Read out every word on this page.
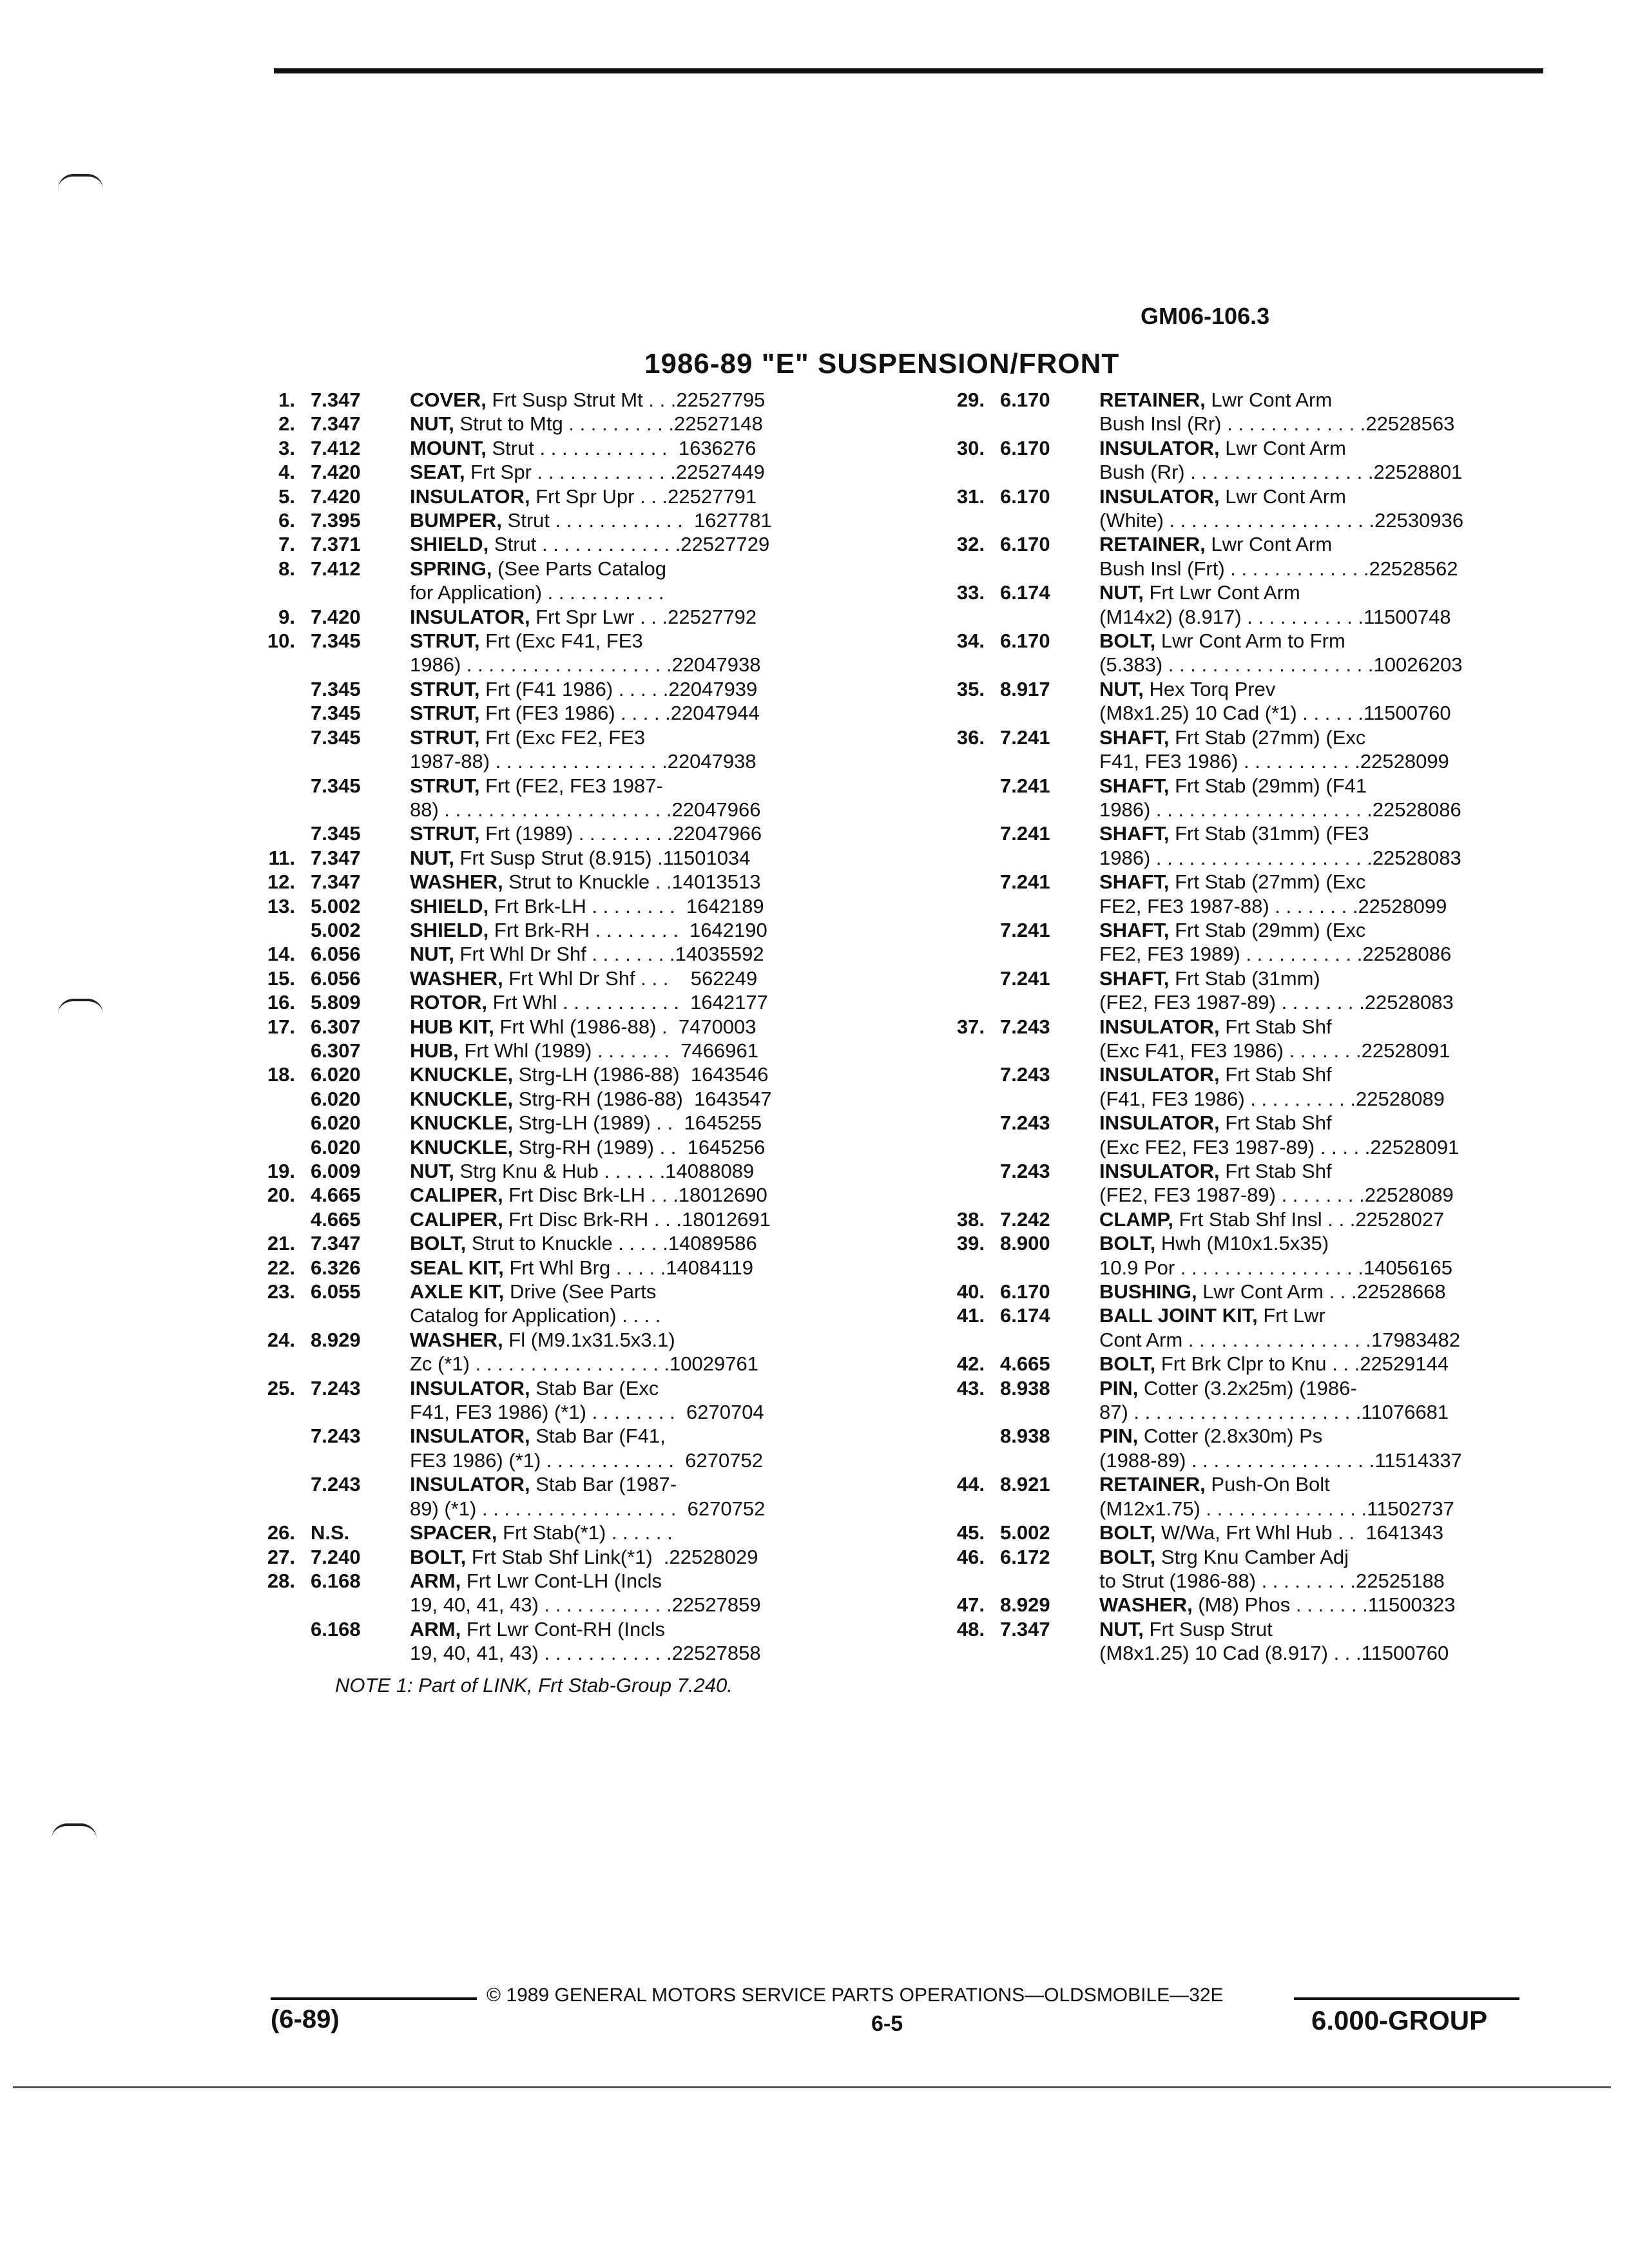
GM06-106.3
1986-89 "E" SUSPENSION/FRONT
1. 7.347	COVER, Frt Susp Strut Mt . . .22527795
2. 7.347	NUT, Strut to Mtg . . . . . . . . . .22527148
3. 7.412	MOUNT, Strut . . . . . . . . . . . .  1636276
4. 7.420	SEAT, Frt Spr . . . . . . . . . . . . .22527449
5. 7.420	INSULATOR, Frt Spr Upr . . .22527791
6. 7.395	BUMPER, Strut . . . . . . . . . . . .  1627781
7. 7.371	SHIELD, Strut . . . . . . . . . . . . .22527729
8. 7.412	SPRING, (See Parts Catalog
for Application) . . . . . . . . . . .
9. 7.420	INSULATOR, Frt Spr Lwr . . .22527792
10. 7.345	STRUT, Frt (Exc F41, FE3
1986) . . . . . . . . . . . . . . . . . . .22047938
7.345	STRUT, Frt (F41 1986) . . . . .22047939
7.345	STRUT, Frt (FE3 1986) . . . . .22047944
7.345	STRUT, Frt (Exc FE2, FE3
1987-88) . . . . . . . . . . . . . . . .22047938
7.345	STRUT, Frt (FE2, FE3 1987-
88) . . . . . . . . . . . . . . . . . . . . .22047966
7.345	STRUT, Frt (1989) . . . . . . . . .22047966
11. 7.347	NUT, Frt Susp Strut (8.915) .11501034
12. 7.347	WASHER, Strut to Knuckle . .14013513
13. 5.002	SHIELD, Frt Brk-LH . . . . . . . .  1642189
5.002	SHIELD, Frt Brk-RH . . . . . . . .  1642190
14. 6.056	NUT, Frt Whl Dr Shf . . . . . . . .14035592
15. 6.056	WASHER, Frt Whl Dr Shf . . .    562249
16. 5.809	ROTOR, Frt Whl . . . . . . . . . . .  1642177
17. 6.307	HUB KIT, Frt Whl (1986-88) .  7470003
6.307	HUB, Frt Whl (1989) . . . . . . .  7466961
18. 6.020	KNUCKLE, Strg-LH (1986-88)  1643546
6.020	KNUCKLE, Strg-RH (1986-88)  1643547
6.020	KNUCKLE, Strg-LH (1989) . .  1645255
6.020	KNUCKLE, Strg-RH (1989) . .  1645256
19. 6.009	NUT, Strg Knu & Hub . . . . . .14088089
20. 4.665	CALIPER, Frt Disc Brk-LH . . .18012690
4.665	CALIPER, Frt Disc Brk-RH . . .18012691
21. 7.347	BOLT, Strut to Knuckle . . . . .14089586
22. 6.326	SEAL KIT, Frt Whl Brg . . . . .14084119
23. 6.055	AXLE KIT, Drive (See Parts
Catalog for Application) . . . .
24. 8.929	WASHER, Fl (M9.1x31.5x3.1)
Zc (*1) . . . . . . . . . . . . . . . . . .10029761
25. 7.243	INSULATOR, Stab Bar (Exc
F41, FE3 1986) (*1) . . . . . . . .  6270704
7.243	INSULATOR, Stab Bar (F41,
FE3 1986) (*1) . . . . . . . . . . . .  6270752
7.243	INSULATOR, Stab Bar (1987-
89) (*1) . . . . . . . . . . . . . . . . . .  6270752
26. N.S.	SPACER, Frt Stab(*1) . . . . . .
27. 7.240	BOLT, Frt Stab Shf Link(*1)  .22528029
28. 6.168	ARM, Frt Lwr Cont-LH (Incls
19, 40, 41, 43) . . . . . . . . . . . .22527859
6.168	ARM, Frt Lwr Cont-RH (Incls
19, 40, 41, 43) . . . . . . . . . . . .22527858
29. 6.170	RETAINER, Lwr Cont Arm
Bush Insl (Rr) . . . . . . . . . . . . .22528563
30. 6.170	INSULATOR, Lwr Cont Arm
Bush (Rr) . . . . . . . . . . . . . . . . .22528801
31. 6.170	INSULATOR, Lwr Cont Arm
(White) . . . . . . . . . . . . . . . . . . .22530936
32. 6.170	RETAINER, Lwr Cont Arm
Bush Insl (Frt) . . . . . . . . . . . . .22528562
33. 6.174	NUT, Frt Lwr Cont Arm
(M14x2) (8.917) . . . . . . . . . . .11500748
34. 6.170	BOLT, Lwr Cont Arm to Frm
(5.383) . . . . . . . . . . . . . . . . . . .10026203
35. 8.917	NUT, Hex Torq Prev
(M8x1.25) 10 Cad (*1) . . . . . .11500760
36. 7.241	SHAFT, Frt Stab (27mm) (Exc
F41, FE3 1986) . . . . . . . . . . .22528099
7.241	SHAFT, Frt Stab (29mm) (F41
1986) . . . . . . . . . . . . . . . . . . . .22528086
7.241	SHAFT, Frt Stab (31mm) (FE3
1986) . . . . . . . . . . . . . . . . . . . .22528083
7.241	SHAFT, Frt Stab (27mm) (Exc
FE2, FE3 1987-88) . . . . . . . .22528099
7.241	SHAFT, Frt Stab (29mm) (Exc
FE2, FE3 1989) . . . . . . . . . . .22528086
7.241	SHAFT, Frt Stab (31mm)
(FE2, FE3 1987-89) . . . . . . . .22528083
37. 7.243	INSULATOR, Frt Stab Shf
(Exc F41, FE3 1986) . . . . . . .22528091
7.243	INSULATOR, Frt Stab Shf
(F41, FE3 1986) . . . . . . . . . .22528089
7.243	INSULATOR, Frt Stab Shf
(Exc FE2, FE3 1987-89) . . . . .22528091
7.243	INSULATOR, Frt Stab Shf
(FE2, FE3 1987-89) . . . . . . . .22528089
38. 7.242	CLAMP, Frt Stab Shf Insl . . .22528027
39. 8.900	BOLT, Hwh (M10x1.5x35)
10.9 Por . . . . . . . . . . . . . . . . .14056165
40. 6.170	BUSHING, Lwr Cont Arm . . .22528668
41. 6.174	BALL JOINT KIT, Frt Lwr
Cont Arm . . . . . . . . . . . . . . . . .17983482
42. 4.665	BOLT, Frt Brk Clpr to Knu . . .22529144
43. 8.938	PIN, Cotter (3.2x25m) (1986-
87) . . . . . . . . . . . . . . . . . . . . .11076681
8.938	PIN, Cotter (2.8x30m) Ps
(1988-89) . . . . . . . . . . . . . . . . .11514337
44. 8.921	RETAINER, Push-On Bolt
(M12x1.75) . . . . . . . . . . . . . . .11502737
45. 5.002	BOLT, W/Wa, Frt Whl Hub . .  1641343
46. 6.172	BOLT, Strg Knu Camber Adj
to Strut (1986-88) . . . . . . . . .22525188
47. 8.929	WASHER, (M8) Phos . . . . . . .11500323
48. 7.347	NUT, Frt Susp Strut
(M8x1.25) 10 Cad (8.917) . . .11500760
NOTE 1: Part of LINK, Frt Stab-Group 7.240.
© 1989 GENERAL MOTORS SERVICE PARTS OPERATIONS—OLDSMOBILE—32E
(6-89)	6-5	6.000-GROUP
